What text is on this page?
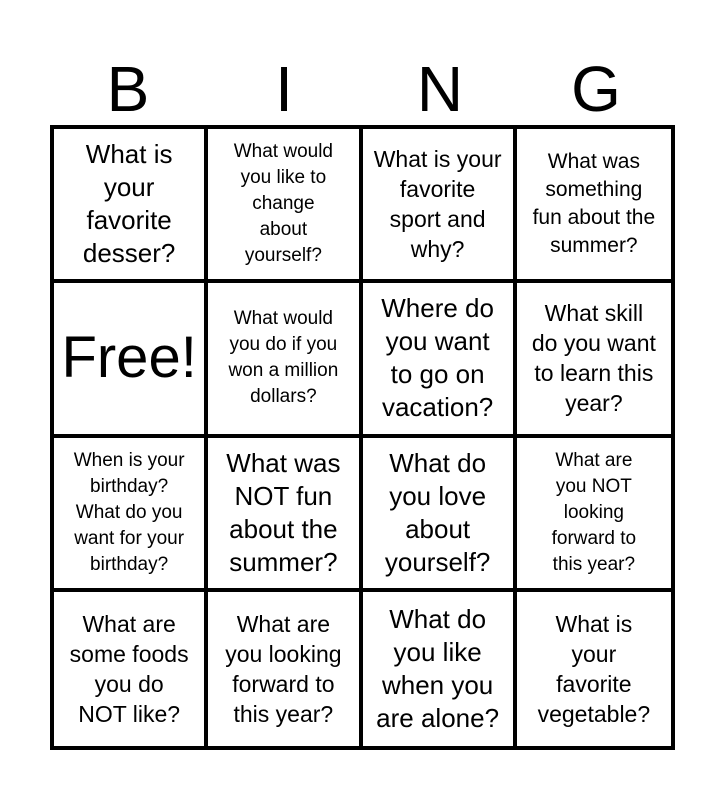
B	I	N	G
What is
your
favorite
desser?
What would
you like to
change
about
yourself?
What is your
favorite
sport and
why?
What was
something
fun about the
summer?
Free!
What would
you do if you
won a million
dollars?
Where do
you want
to go on
vacation?
What skill
do you want
to learn this
year?
When is your
birthday?
What do you
want for your
birthday?
What was
NOT fun
about the
summer?
What do
you love
about
yourself?
What are
you NOT
looking
forward to
this year?
What are
some foods
you do
NOT like?
What are
you looking
forward to
this year?
What do
you like
when you
are alone?
What is
your
favorite
vegetable?
